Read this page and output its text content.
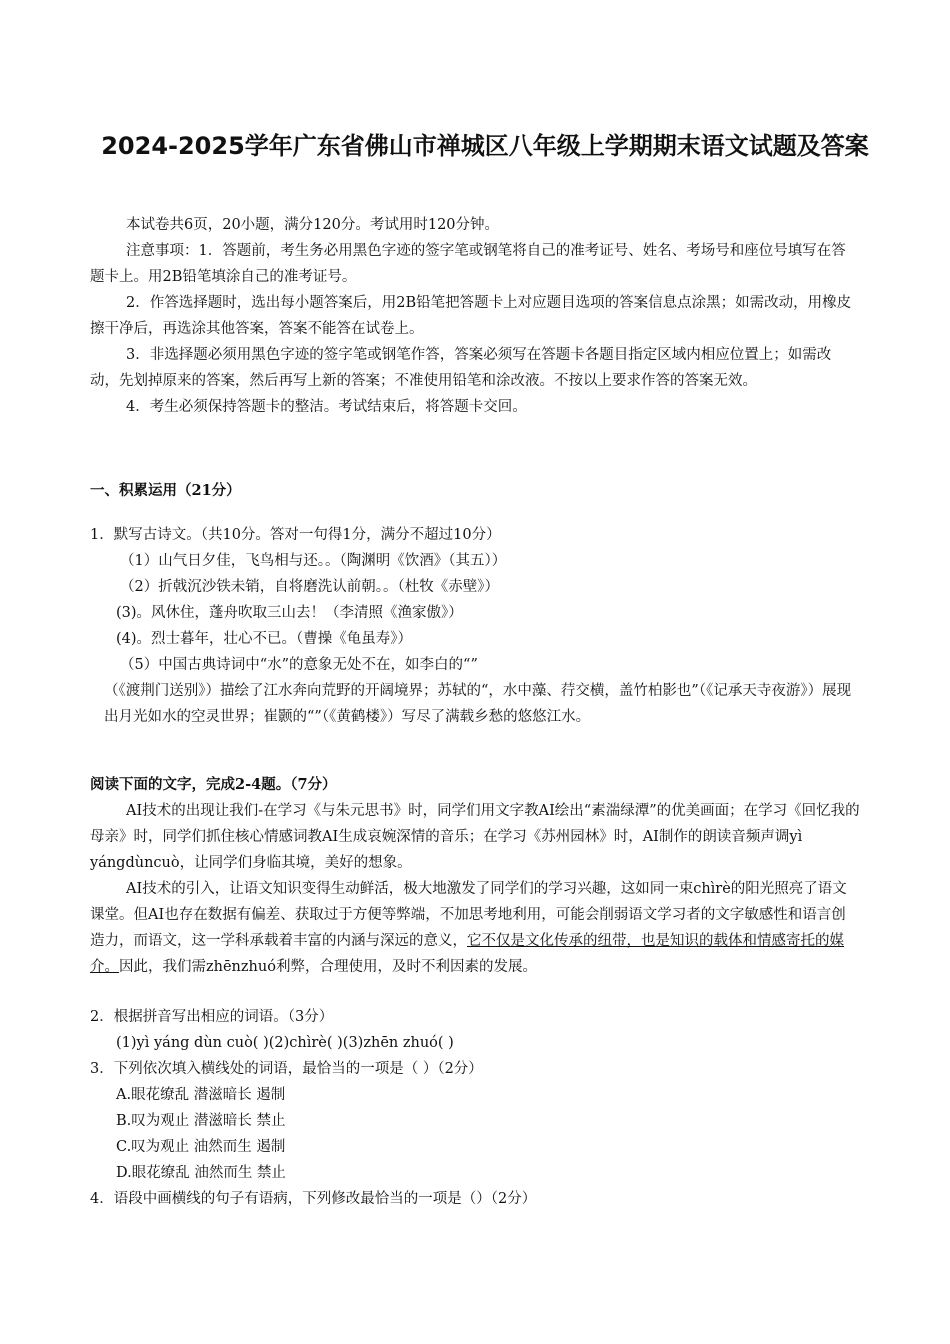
2024-2025学年广东省佛山市禅城区八年级上学期期末语文试题及答案

本试卷共6页，20小题，满分120分。考试用时120分钟。

注意事项：1．答题前，考生务必用黑色字迹的签字笔或钢笔将自己的准考证号、姓名、考场号和座位号填写在答题卡上。用2B铅笔填涂自己的准考证号。

2．作答选择题时，选出每小题答案后，用2B铅笔把答题卡上对应题目选项的答案信息点涂黑；如需改动，用橡皮擦干净后，再选涂其他答案，答案不能答在试卷上。

3．非选择题必须用黑色字迹的签字笔或钢笔作答，答案必须写在答题卡各题目指定区域内相应位置上；如需改动，先划掉原来的答案，然后再写上新的答案；不准使用铅笔和涂改液。不按以上要求作答的答案无效。

4．考生必须保持答题卡的整洁。考试结束后，将答题卡交回。

一、积累运用（21分）

1．默写古诗文。（共10分。答对一句得1分，满分不超过10分）

（1）山气日夕佳，飞鸟相与还。。（陶渊明《饮酒》（其五））

（2）折戟沉沙铁未销，自将磨洗认前朝。。（杜牧《赤壁》）

(3)。风休住，蓬舟吹取三山去！（李清照《渔家傲》）

(4)。烈士暮年，壮心不已。（曹操《龟虽寿》）

（5）中国古典诗词中“水”的意象无处不在，如李白的“”

（《渡荆门送别》）描绘了江水奔向荒野的开阔境界；苏轼的“，水中藻、荇交横，盖竹柏影也”（《记承天寺夜游》）展现出月光如水的空灵世界；崔颢的“”（《黄鹤楼》）写尽了满载乡愁的悠悠江水。

阅读下面的文字，完成2-4题。（7分）

AI技术的出现让我们-在学习《与朱元思书》时，同学们用文字教AI绘出“素湍绿潭”的优美画面；在学习《回忆我的母亲》时，同学们抓住核心情感词教AI生成哀婉深情的音乐；在学习《苏州园林》时，AI制作的朗读音频声调yì yángdùncuò，让同学们身临其境，美好的想象。

AI技术的引入，让语文知识变得生动鲜活，极大地激发了同学们的学习兴趣，这如同一束chìrè的阳光照亮了语文课堂。但AI也存在数据有偏差、获取过于方便等弊端，不加思考地利用，可能会削弱语文学习者的文字敏感性和语言创造力，而语文，这一学科承载着丰富的内涵与深远的意义，它不仅是文化传承的纽带，也是知识的载体和情感寄托的媒介。因此，我们需zhēnzhuó利弊，合理使用，及时不利因素的发展。

2．根据拼音写出相应的词语。（3分）

(1)yì yáng dùn cuò( )(2)chìrè( )(3)zhēn zhuó( )

3．下列依次填入横线处的词语，最恰当的一项是（ ）（2分）

A.眼花缭乱 潜滋暗长 遏制

B.叹为观止 潜滋暗长 禁止

C.叹为观止 油然而生 遏制

D.眼花缭乱 油然而生 禁止

4．语段中画横线的句子有语病，下列修改最恰当的一项是（）（2分）
